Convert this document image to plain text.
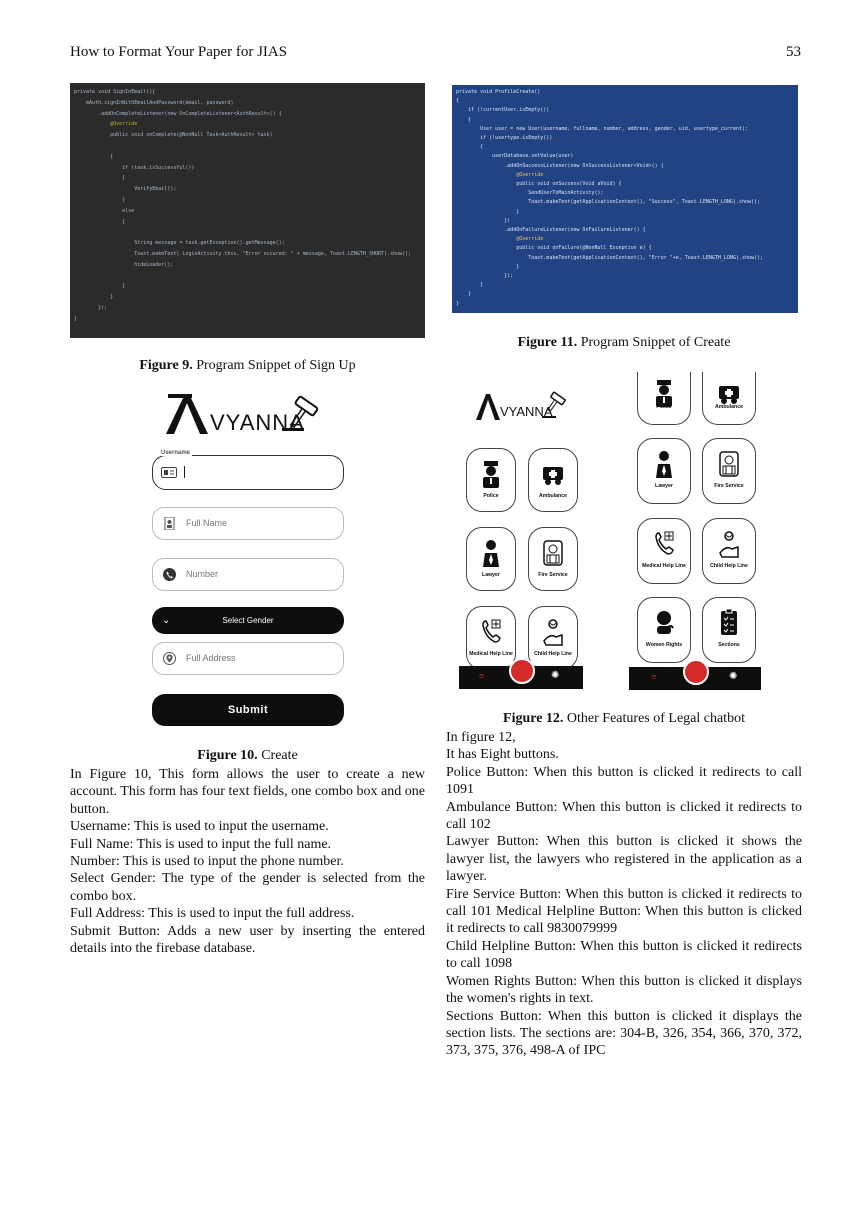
How to Format Your Paper for JIAS	53
private void SignInEmail(){
mAuth.signInWithEmailAndPassword(email, password)
.addOnCompleteListener(new OnCompleteListener<AuthResult>() {
@Override
public void onComplete(@NonNull Task<AuthResult> task)
{
if (task.isSuccessful())
{
VerifyEmail();
}
else
{
String message = task.getException().getMessage();
Toast.makeText( LoginActivity.this, "Error occured: " + message, Toast.LENGTH_SHORT).show();
hideLoader();
}
}
});
}
Figure 9. Program Snippet of Sign Up
private void ProfileCreate()
{
if (!currentUser.isEmpty())
{
User user = new User(username, fullname, number, address, gender, uid, usertype_current);
if (!usertype.isEmpty())
{
userDatabase.setValue(user)
.addOnSuccessListener(new OnSuccessListener<Void>() {
@Override
public void onSuccess(Void aVoid) {
SendUserToMainActivity();
Toast.makeText(getApplicationContext(), "Success", Toast.LENGTH_LONG).show();
}
})
.addOnFailureListener(new OnFailureListener() {
@Override
public void onFailure(@NonNull Exception e) {
Toast.makeText(getApplicationContext(), "Error "+e, Toast.LENGTH_LONG).show();
}
});
}
}
}
Figure 11. Program Snippet of Create
VYANNA
Username
Full Name
Number
⌄	Select Gender
Full Address
Submit
Figure 10. Create

In Figure 10, This form allows the user to create a new account. This form has four text fields, one combo box and one button.

Username: This is used to input the username.

Full Name: This is used to input the full name.

Number: This is used to input the phone number.

Select Gender: The type of the gender is selected from the combo box.

Full Address: This is used to input the full address.

Submit Button: Adds a new user by inserting the entered details into the firebase database.

VYANNA
Police	Ambulance
Lawyer	Fire Service
Medical Help Line	Child Help Line
≡	✺
Police	Ambulance
Lawyer	Fire Service
Medical Help Line	Child Help Line
Women Rights	Sections
≡	✺
Figure 12. Other Features of Legal chatbot

In figure 12,

It has Eight buttons.

Police Button: When this button is clicked it redirects to call 1091

Ambulance Button: When this button is clicked it redirects to call 102

Lawyer Button: When this button is clicked it shows the lawyer list, the lawyers who registered in the application as a lawyer.

Fire Service Button: When this button is clicked it redirects to call 101 Medical Helpline Button: When this button is clicked it redirects to call 9830079999

Child Helpline Button: When this button is clicked it redirects to call 1098

Women Rights Button: When this button is clicked it displays the women's rights in text.

Sections Button: When this button is clicked it displays the section lists. The sections are: 304-B, 326, 354, 366, 370, 372, 373, 375, 376, 498-A of IPC
